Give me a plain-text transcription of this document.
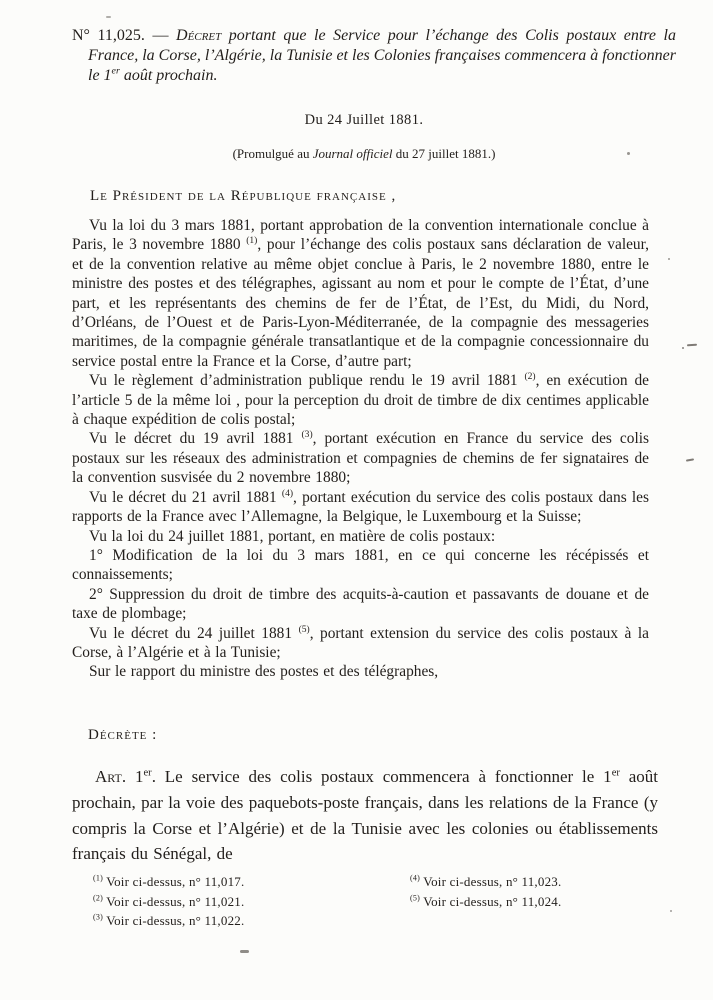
N° 11,025. — Décret portant que le Service pour l’échange des Colis postaux entre la France, la Corse, l’Algérie, la Tunisie et les Colonies françaises commencera à fonctionner le 1er août prochain.

Du 24 Juillet 1881.

(Promulgué au Journal officiel du 27 juillet 1881.)

Le Président de la République française ,

Vu la loi du 3 mars 1881, portant approbation de la convention internationale conclue à Paris, le 3 novembre 1880 $^{(1)}$, pour l’échange des colis postaux sans déclaration de valeur, et de la convention relative au même objet conclue à Paris, le 2 novembre 1880, entre le ministre des postes et des télégraphes, agissant au nom et pour le compte de l’État, d’une part, et les représentants des chemins de fer de l’État, de l’Est, du Midi, du Nord, d’Orléans, de l’Ouest et de Paris-Lyon-Méditerranée, de la compagnie des messageries maritimes, de la compagnie générale transatlantique et de la compagnie concessionnaire du service postal entre la France et la Corse, d’autre part;

Vu le règlement d’administration publique rendu le 19 avril 1881 $^{(2)}$, en exécution de l’article 5 de la même loi , pour la perception du droit de timbre de dix centimes applicable à chaque expédition de colis postal;

Vu le décret du 19 avril 1881 $^{(3)}$, portant exécution en France du service des colis postaux sur les réseaux des administration et compagnies de chemins de fer signataires de la convention susvisée du 2 novembre 1880;

Vu le décret du 21 avril 1881 $^{(4)}$, portant exécution du service des colis postaux dans les rapports de la France avec l’Allemagne, la Belgique, le Luxembourg et la Suisse;

Vu la loi du 24 juillet 1881, portant, en matière de colis postaux:

1° Modification de la loi du 3 mars 1881, en ce qui concerne les récépissés et connaissements;

2° Suppression du droit de timbre des acquits-à-caution et passavants de douane et de taxe de plombage;

Vu le décret du 24 juillet 1881 $^{(5)}$, portant extension du service des colis postaux à la Corse, à l’Algérie et à la Tunisie;

Sur le rapport du ministre des postes et des télégraphes,

Décrète :

Art. 1er. Le service des colis postaux commencera à fonctionner le 1er août prochain, par la voie des paquebots-poste français, dans les relations de la France (y compris la Corse et l’Algérie) et de la Tunisie avec les colonies ou établissements français du Sénégal, de

$^{(1)}$ Voir ci-dessus, n° 11,017.

$^{(2)}$ Voir ci-dessus, n° 11,021.

$^{(3)}$ Voir ci-dessus, n° 11,022.

$^{(4)}$ Voir ci-dessus, n° 11,023.

$^{(5)}$ Voir ci-dessus, n° 11,024.
